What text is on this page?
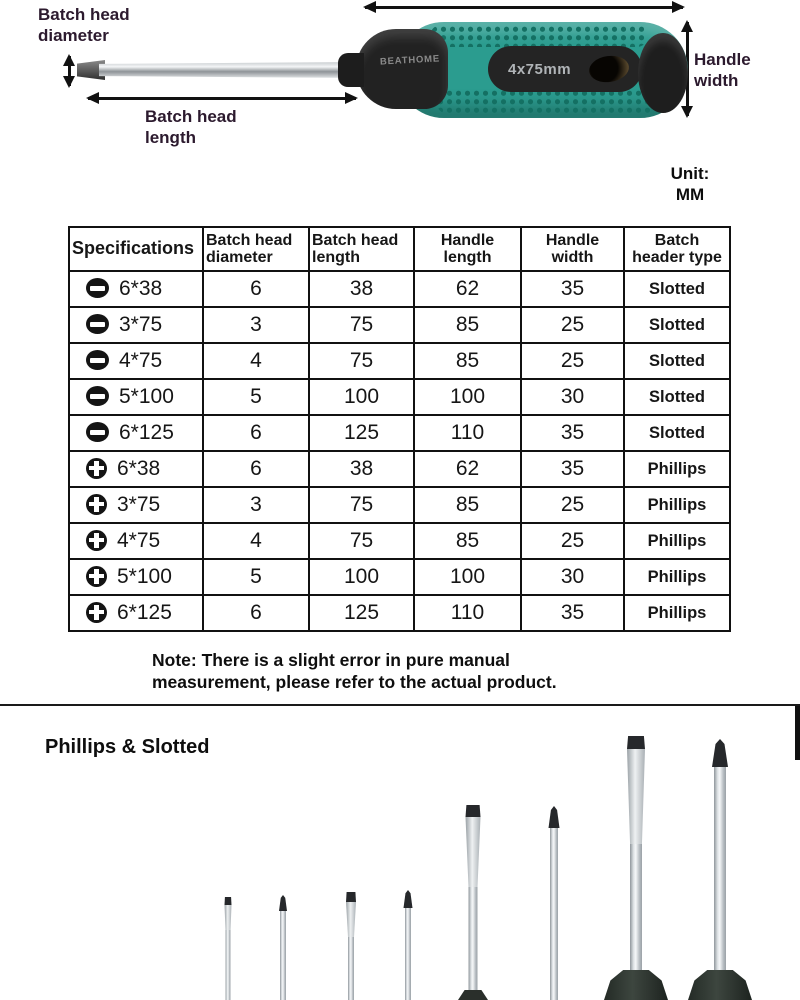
Batch head diameter
Batch head length
Handle width
4x75mm
BEATHOME
Unit: MM
Specifications	Batch head diameter	Batch head length	Handle length	Handle width	Batch header type
6*38	6	38	62	35	Slotted
3*75	3	75	85	25	Slotted
4*75	4	75	85	25	Slotted
5*100	5	100	100	30	Slotted
6*125	6	125	110	35	Slotted
6*38	6	38	62	35	Phillips
3*75	3	75	85	25	Phillips
4*75	4	75	85	25	Phillips
5*100	5	100	100	30	Phillips
6*125	6	125	110	35	Phillips
Note: There is a slight error in pure manual measurement, please refer to the actual product.
Phillips & Slotted
